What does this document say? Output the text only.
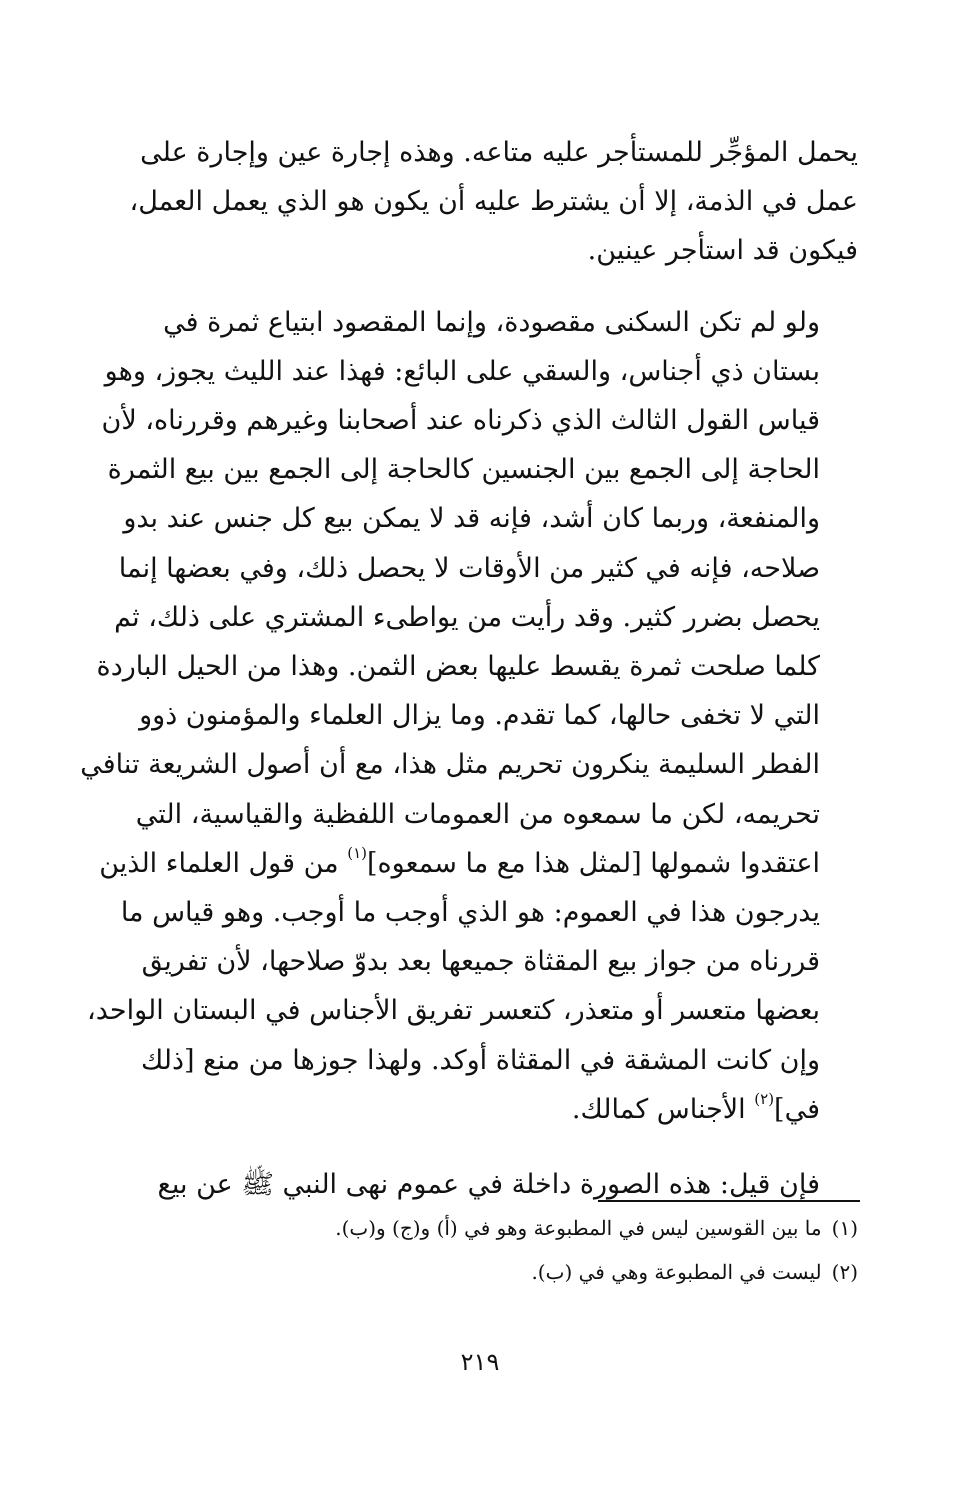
يحمل المؤجِّر للمستأجر عليه متاعه. وهذه إجارة عين وإجارة على
عمل في الذمة، إلا أن يشترط عليه أن يكون هو الذي يعمل العمل،
فيكون قد استأجر عينين.

ولو لم تكن السكنى مقصودة، وإنما المقصود ابتياع ثمرة في
بستان ذي أجناس، والسقي على البائع: فهذا عند الليث يجوز، وهو
قياس القول الثالث الذي ذكرناه عند أصحابنا وغيرهم وقررناه، لأن
الحاجة إلى الجمع بين الجنسين كالحاجة إلى الجمع بين بيع الثمرة
والمنفعة، وربما كان أشد، فإنه قد لا يمكن بيع كل جنس عند بدو
صلاحه، فإنه في كثير من الأوقات لا يحصل ذلك، وفي بعضها إنما
يحصل بضرر كثير. وقد رأيت من يواطىء المشتري على ذلك، ثم
كلما صلحت ثمرة يقسط عليها بعض الثمن. وهذا من الحيل الباردة
التي لا تخفى حالها، كما تقدم. وما يزال العلماء والمؤمنون ذوو
الفطر السليمة ينكرون تحريم مثل هذا، مع أن أصول الشريعة تنافي
تحريمه، لكن ما سمعوه من العمومات اللفظية والقياسية، التي
اعتقدوا شمولها [لمثل هذا مع ما سمعوه]$^{(١)}$ من قول العلماء الذين
يدرجون هذا في العموم: هو الذي أوجب ما أوجب. وهو قياس ما
قررناه من جواز بيع المقثاة جميعها بعد بدوّ صلاحها، لأن تفريق
بعضها متعسر أو متعذر، كتعسر تفريق الأجناس في البستان الواحد،
وإن كانت المشقة في المقثاة أوكد. ولهذا جوزها من منع [ذلك
في]$^{(٢)}$ الأجناس كمالك.

فإن قيل: هذه الصورة داخلة في عموم نهى النبي ﷺ عن بيع

(١)ما بين القوسين ليس في المطبوعة وهو في (أ) و(ج) و(ب).

(٢)ليست في المطبوعة وهي في (ب).

٢١٩
